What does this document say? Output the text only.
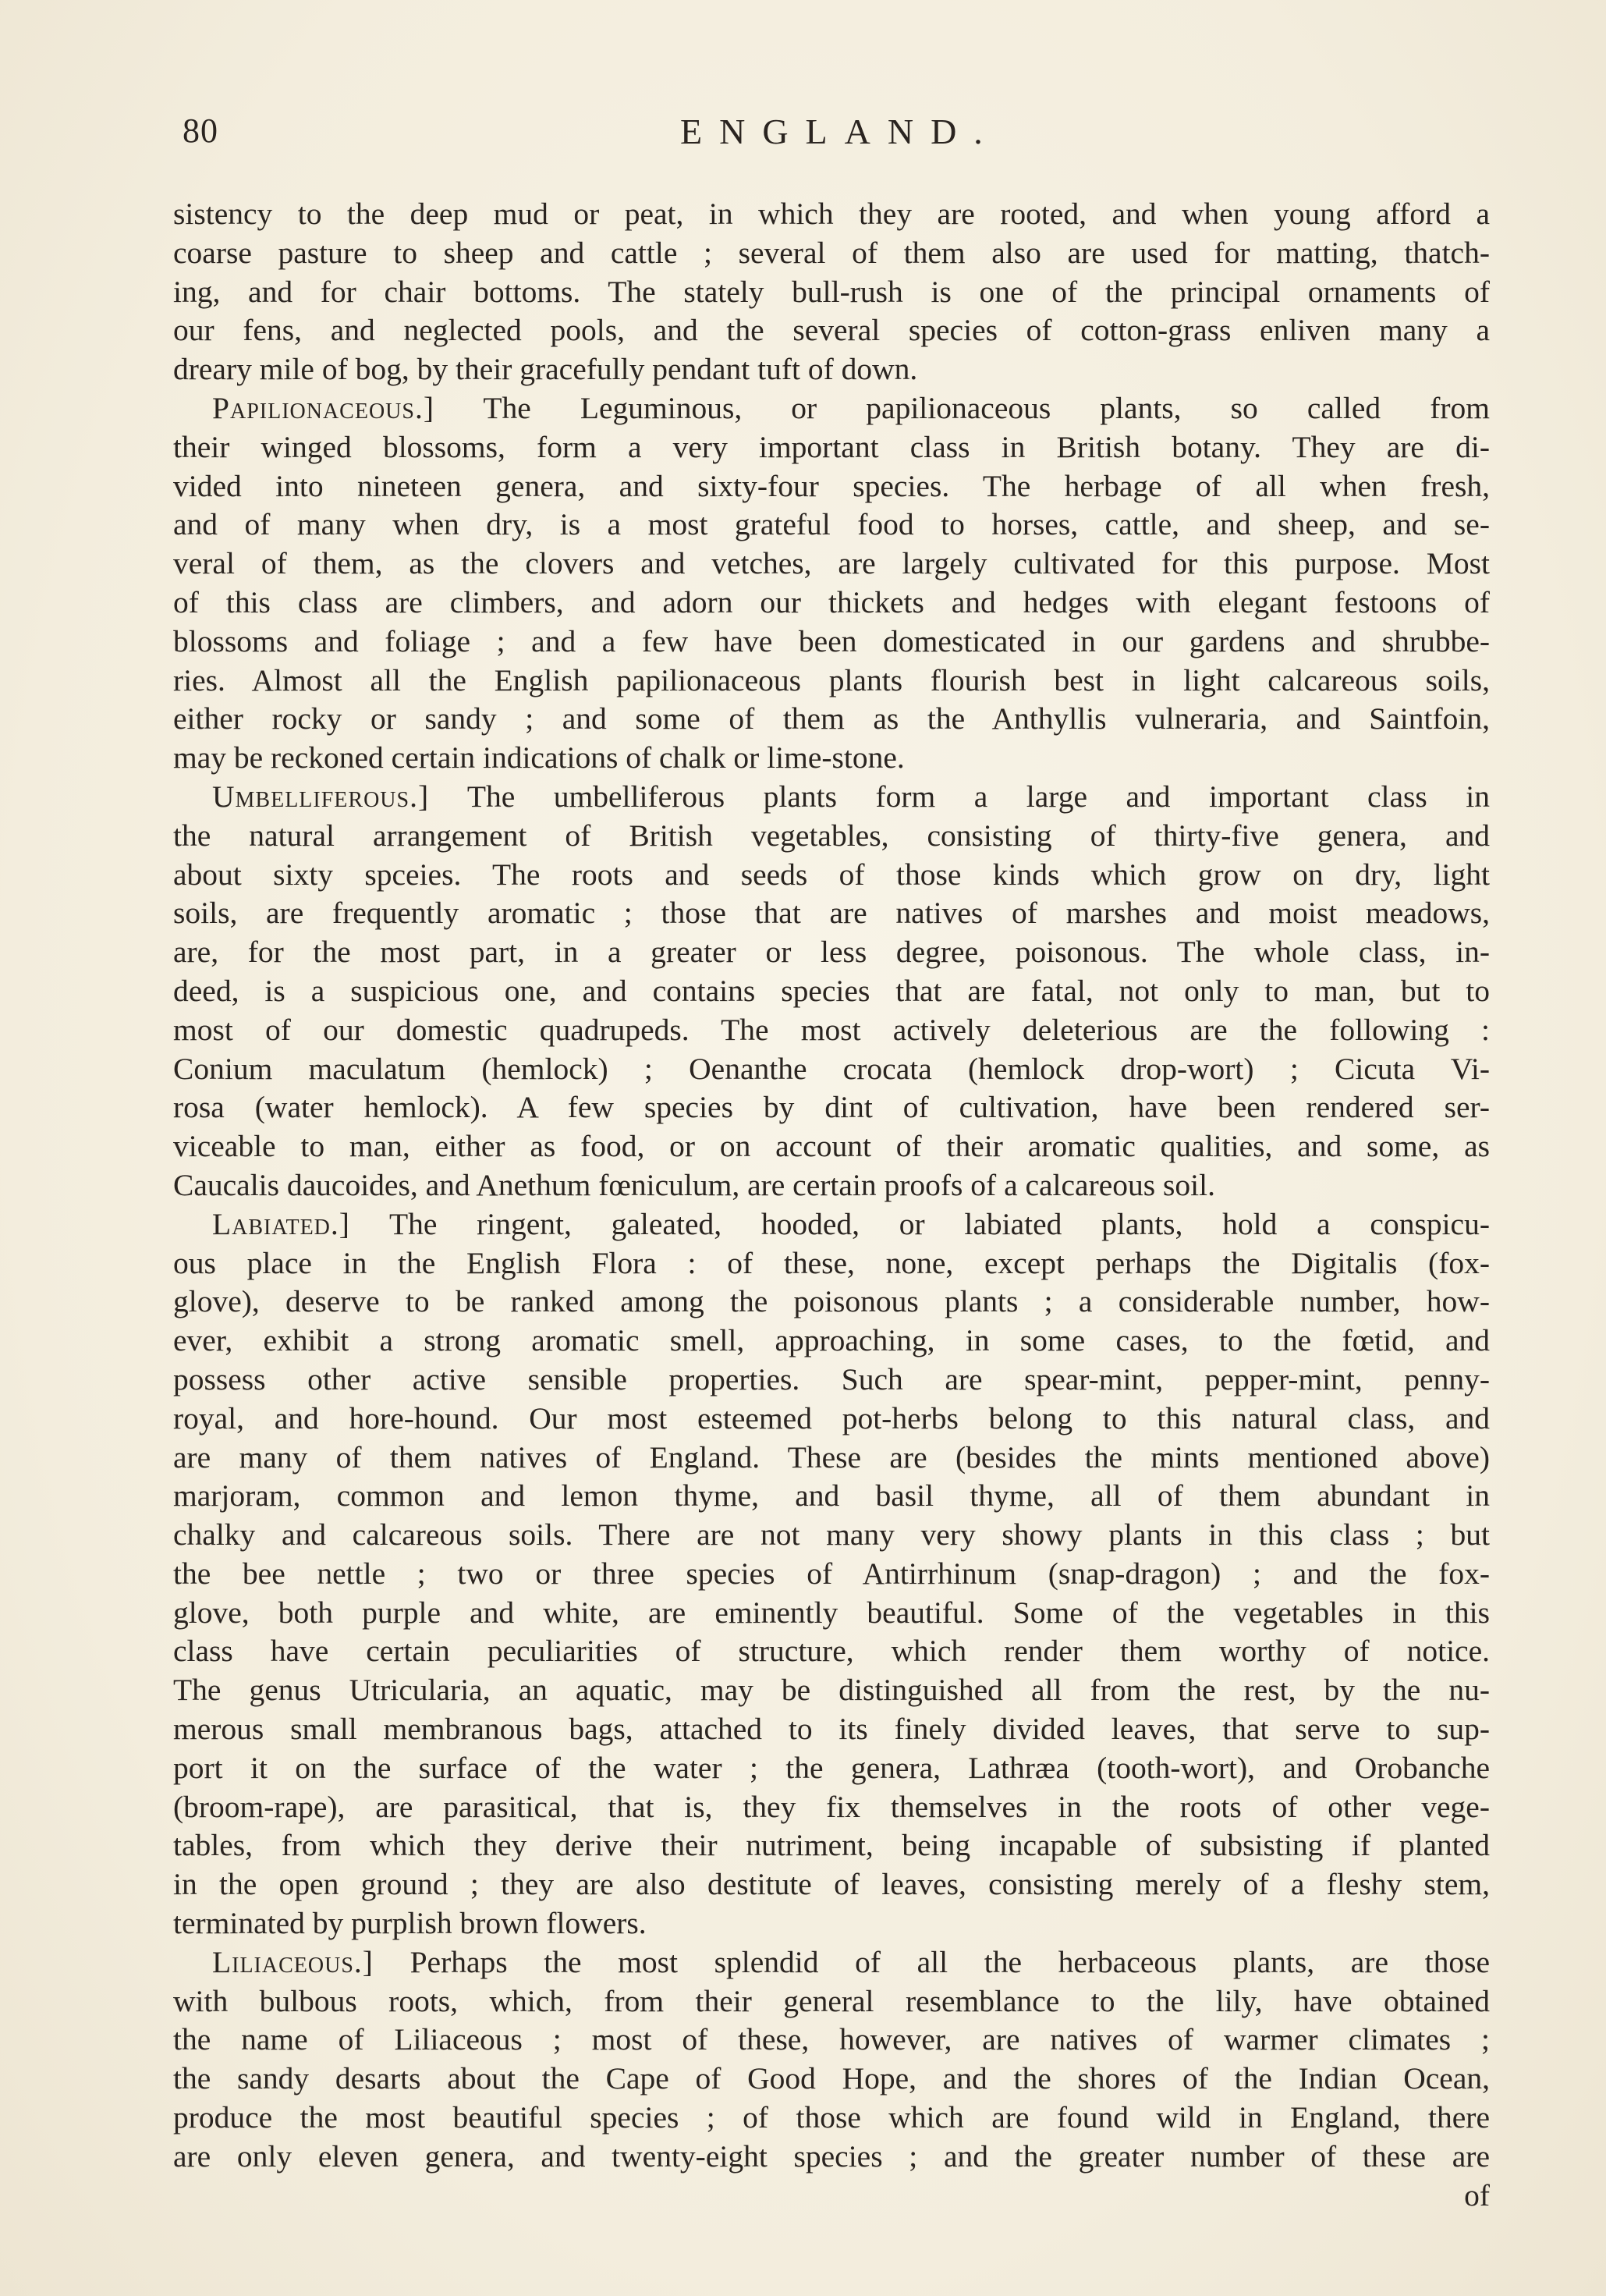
80	ENGLAND.
sistency to the deep mud or peat, in which they are rooted, and when young afford a
coarse pasture to sheep and cattle ; several of them also are used for matting, thatch-
ing, and for chair bottoms. The stately bull-rush is one of the principal ornaments of
our fens, and neglected pools, and the several species of cotton-grass enliven many a
dreary mile of bog, by their gracefully pendant tuft of down.
Papilionaceous.] The Leguminous, or papilionaceous plants, so called from
their winged blossoms, form a very important class in British botany. They are di-
vided into nineteen genera, and sixty-four species. The herbage of all when fresh,
and of many when dry, is a most grateful food to horses, cattle, and sheep, and se-
veral of them, as the clovers and vetches, are largely cultivated for this purpose. Most
of this class are climbers, and adorn our thickets and hedges with elegant festoons of
blossoms and foliage ; and a few have been domesticated in our gardens and shrubbe-
ries. Almost all the English papilionaceous plants flourish best in light calcareous soils,
either rocky or sandy ; and some of them as the Anthyllis vulneraria, and Saintfoin,
may be reckoned certain indications of chalk or lime-stone.
Umbelliferous.] The umbelliferous plants form a large and important class in
the natural arrangement of British vegetables, consisting of thirty-five genera, and
about sixty spceies. The roots and seeds of those kinds which grow on dry, light
soils, are frequently aromatic ; those that are natives of marshes and moist meadows,
are, for the most part, in a greater or less degree, poisonous. The whole class, in-
deed, is a suspicious one, and contains species that are fatal, not only to man, but to
most of our domestic quadrupeds. The most actively deleterious are the following :
Conium maculatum (hemlock) ; Oenanthe crocata (hemlock drop-wort) ; Cicuta Vi-
rosa (water hemlock). A few species by dint of cultivation, have been rendered ser-
viceable to man, either as food, or on account of their aromatic qualities, and some, as
Caucalis daucoides, and Anethum fœniculum, are certain proofs of a calcareous soil.
Labiated.] The ringent, galeated, hooded, or labiated plants, hold a conspicu-
ous place in the English Flora : of these, none, except perhaps the Digitalis (fox-
glove), deserve to be ranked among the poisonous plants ; a considerable number, how-
ever, exhibit a strong aromatic smell, approaching, in some cases, to the fœtid, and
possess other active sensible properties. Such are spear-mint, pepper-mint, penny-
royal, and hore-hound. Our most esteemed pot-herbs belong to this natural class, and
are many of them natives of England. These are (besides the mints mentioned above)
marjoram, common and lemon thyme, and basil thyme, all of them abundant in
chalky and calcareous soils. There are not many very showy plants in this class ; but
the bee nettle ; two or three species of Antirrhinum (snap-dragon) ; and the fox-
glove, both purple and white, are eminently beautiful. Some of the vegetables in this
class have certain peculiarities of structure, which render them worthy of notice.
The genus Utricularia, an aquatic, may be distinguished all from the rest, by the nu-
merous small membranous bags, attached to its finely divided leaves, that serve to sup-
port it on the surface of the water ; the genera, Lathræa (tooth-wort), and Orobanche
(broom-rape), are parasitical, that is, they fix themselves in the roots of other vege-
tables, from which they derive their nutriment, being incapable of subsisting if planted
in the open ground ; they are also destitute of leaves, consisting merely of a fleshy stem,
terminated by purplish brown flowers.
Liliaceous.] Perhaps the most splendid of all the herbaceous plants, are those
with bulbous roots, which, from their general resemblance to the lily, have obtained
the name of Liliaceous ; most of these, however, are natives of warmer climates ;
the sandy desarts about the Cape of Good Hope, and the shores of the Indian Ocean,
produce the most beautiful species ; of those which are found wild in England, there
are only eleven genera, and twenty-eight species ; and the greater number of these are
of
